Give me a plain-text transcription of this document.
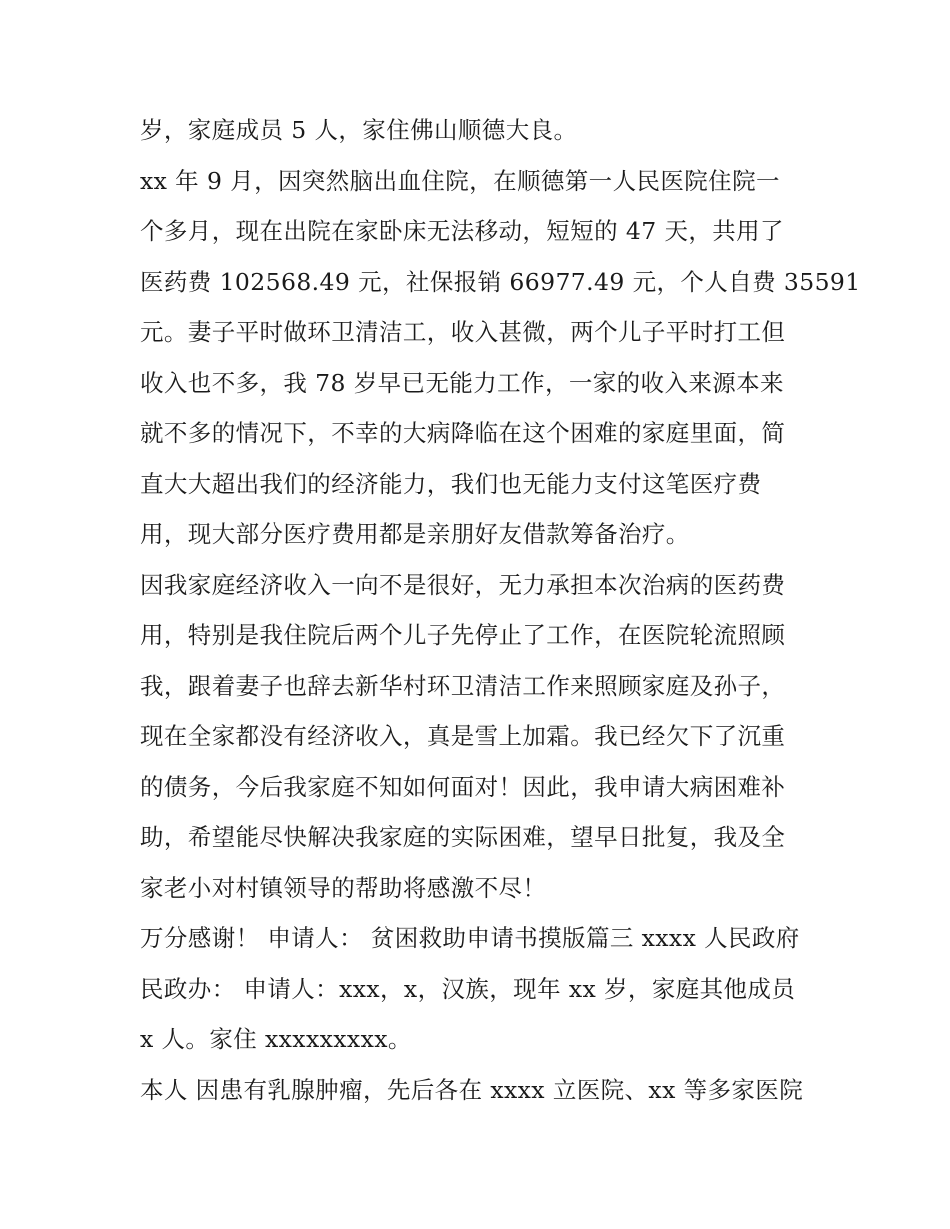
岁，家庭成员 5 人，家住佛山顺德大良。
xx 年 9 月，因突然脑出血住院，在顺德第一人民医院住院一
个多月，现在出院在家卧床无法移动，短短的 47 天，共用了
医药费 102568.49 元，社保报销 66977.49 元，个人自费 35591
元。妻子平时做环卫清洁工，收入甚微，两个儿子平时打工但
收入也不多，我 78 岁早已无能力工作，一家的收入来源本来
就不多的情况下，不幸的大病降临在这个困难的家庭里面，简
直大大超出我们的经济能力，我们也无能力支付这笔医疗费
用，现大部分医疗费用都是亲朋好友借款筹备治疗。
因我家庭经济收入一向不是很好，无力承担本次治病的医药费
用，特别是我住院后两个儿子先停止了工作，在医院轮流照顾
我，跟着妻子也辞去新华村环卫清洁工作来照顾家庭及孙子，
现在全家都没有经济收入，真是雪上加霜。我已经欠下了沉重
的债务，今后我家庭不知如何面对！因此，我申请大病困难补
助，希望能尽快解决我家庭的实际困难，望早日批复，我及全
家老小对村镇领导的帮助将感激不尽！
万分感谢！ 申请人： 贫困救助申请书摸版篇三 xxxx 人民政府
民政办： 申请人：xxx，x，汉族，现年 xx 岁，家庭其他成员
x 人。家住 xxxxxxxxx。
本人 因患有乳腺肿瘤，先后各在 xxxx 立医院、xx 等多家医院
